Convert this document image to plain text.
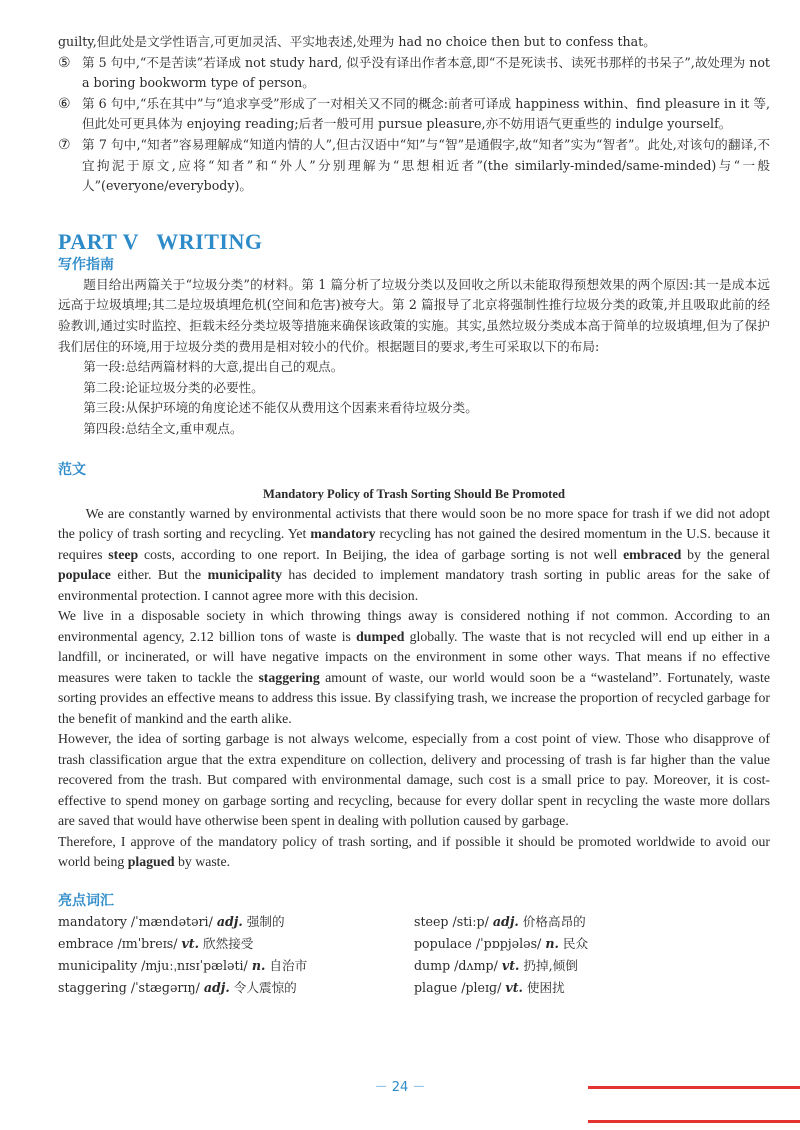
guilty,但此处是文学性语言,可更加灵活、平实地表述,处理为 had no choice then but to confess that。
⑤ 第 5 句中,“不是苦读”若译成 not study hard, 似乎没有译出作者本意,即“不是死读书、读死书那样的书呆子”,故处理为 not a boring bookworm type of person。
⑥ 第 6 句中,“乐在其中”与“追求享受”形成了一对相关又不同的概念:前者可译成 happiness within、find pleasure in it 等,但此处可更具体为 enjoying reading;后者一般可用 pursue pleasure,亦不妨用语气更重些的 indulge yourself。
⑦ 第 7 句中,“知者”容易理解成“知道内情的人”,但古汉语中“知”与“智”是通假字,故“知者”实为“智者”。此处,对该句的翻译,不宜拘泥于原文,应将“知者”和“外人”分别理解为“思想相近者”(the similarly-minded/same-minded)与“一般人”(everyone/everybody)。
PART V   WRITING
写作指南

题目给出两篇关于“垃圾分类”的材料。第 1 篇分析了垃圾分类以及回收之所以未能取得预想效果的两个原因:其一是成本远远高于垃圾填埋;其二是垃圾填埋危机(空间和危害)被夸大。第 2 篇报导了北京将强制性推行垃圾分类的政策,并且吸取此前的经验教训,通过实时监控、拒载未经分类垃圾等措施来确保该政策的实施。其实,虽然垃圾分类成本高于简单的垃圾填埋,但为了保护我们居住的环境,用于垃圾分类的费用是相对较小的代价。根据题目的要求,考生可采取以下的布局:

第一段:总结两篇材料的大意,提出自己的观点。

第二段:论证垃圾分类的必要性。

第三段:从保护环境的角度论述不能仅从费用这个因素来看待垃圾分类。

第四段:总结全文,重申观点。

范文
Mandatory Policy of Trash Sorting Should Be Promoted

We are constantly warned by environmental activists that there would soon be no more space for trash if we did not adopt the policy of trash sorting and recycling. Yet mandatory recycling has not gained the desired momentum in the U.S. because it requires steep costs, according to one report. In Beijing, the idea of garbage sorting is not well embraced by the general populace either. But the municipality has decided to implement mandatory trash sorting in public areas for the sake of environmental protection. I cannot agree more with this decision.

We live in a disposable society in which throwing things away is considered nothing if not common. According to an environmental agency, 2.12 billion tons of waste is dumped globally. The waste that is not recycled will end up either in a landfill, or incinerated, or will have negative impacts on the environment in some other ways. That means if no effective measures were taken to tackle the staggering amount of waste, our world would soon be a “wasteland”. Fortunately, waste sorting provides an effective means to address this issue. By classifying trash, we increase the proportion of recycled garbage for the benefit of mankind and the earth alike.

However, the idea of sorting garbage is not always welcome, especially from a cost point of view. Those who disapprove of trash classification argue that the extra expenditure on collection, delivery and processing of trash is far higher than the value recovered from the trash. But compared with environmental damage, such cost is a small price to pay. Moreover, it is cost-effective to spend money on garbage sorting and recycling, because for every dollar spent in recycling the waste more dollars are saved that would have otherwise been spent in dealing with pollution caused by garbage.

Therefore, I approve of the mandatory policy of trash sorting, and if possible it should be promoted worldwide to avoid our world being plagued by waste.

亮点词汇
mandatory /ˈmændətəri/ adj. 强制的	steep /stiːp/ adj. 价格高昂的
embrace /ɪmˈbreɪs/ vt. 欣然接受	populace /ˈpɒpjələs/ n. 民众
municipality /mjuːˌnɪsɪˈpæləti/ n. 自治市	dump /dʌmp/ vt. 扔掉,倾倒
staggering /ˈstæɡərɪŋ/ adj. 令人震惊的	plague /pleɪɡ/ vt. 使困扰
－ 24 －
